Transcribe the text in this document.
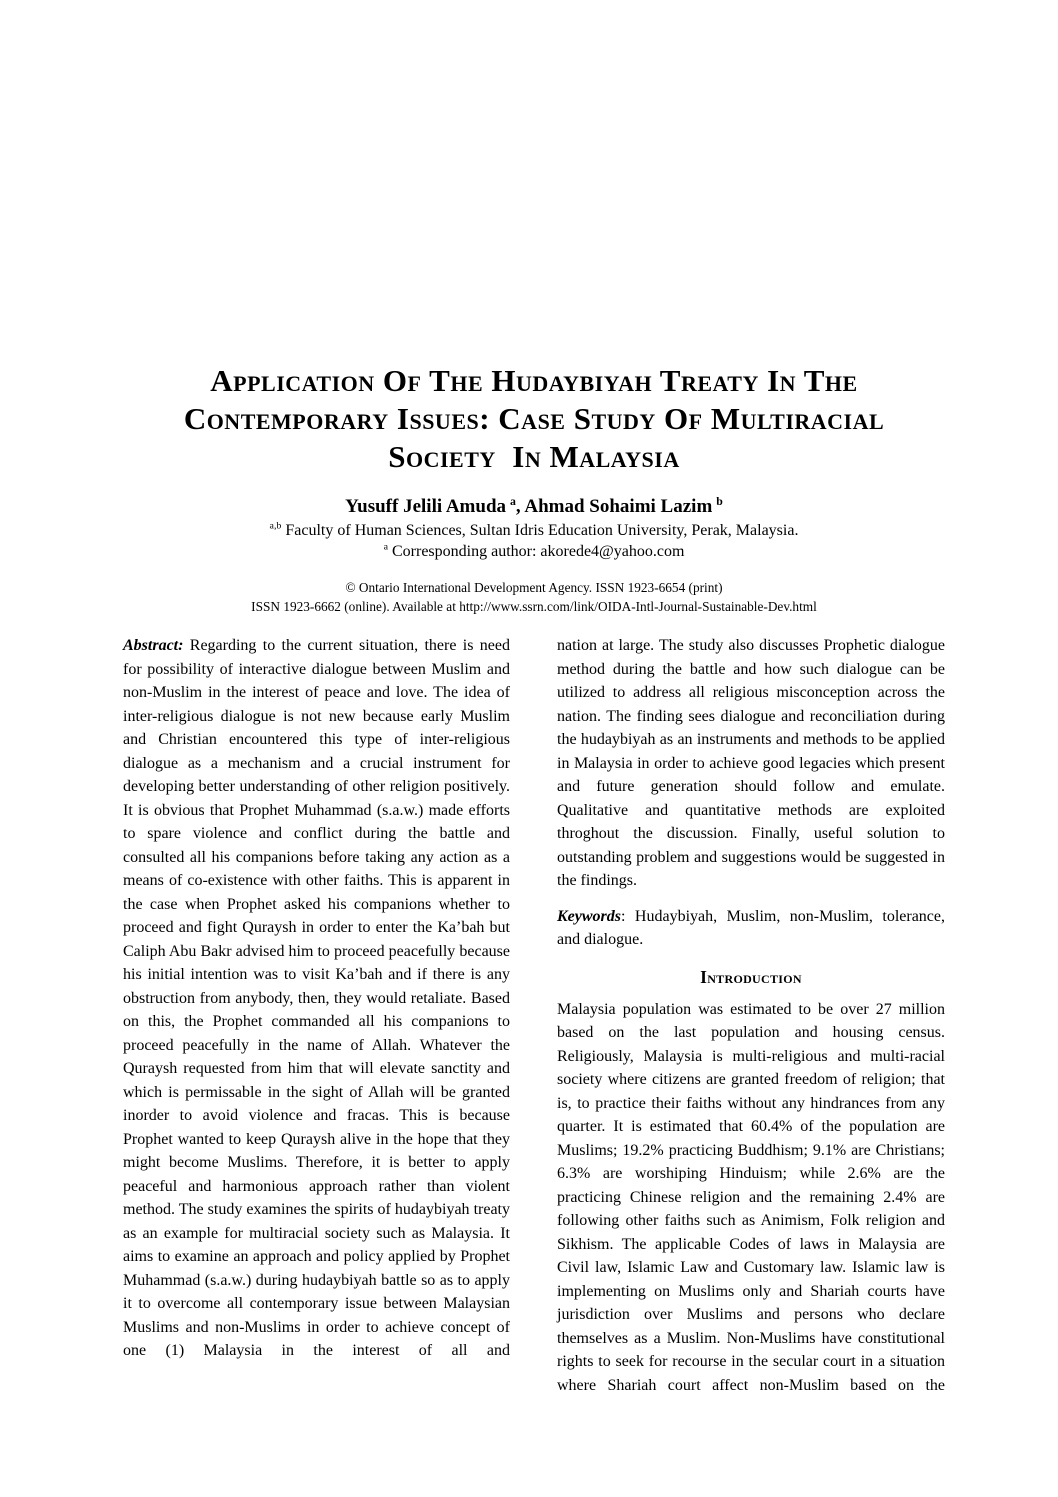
Application Of The Hudaybiyah Treaty In The
Contemporary Issues: Case Study Of Multiracial
Society  In Malaysia
Yusuff Jelili Amuda $^a$, Ahmad Sohaimi Lazim $^b$
$^{a,b}$ Faculty of Human Sciences, Sultan Idris Education University, Perak, Malaysia.
$^a$ Corresponding author: akorede4@yahoo.com
© Ontario International Development Agency. ISSN 1923-6654 (print)
ISSN 1923-6662 (online). Available at http://www.ssrn.com/link/OIDA-Intl-Journal-Sustainable-Dev.html

Abstract: Regarding to the current situation, there is need for possibility of interactive dialogue between Muslim and non-Muslim in the interest of peace and love. The idea of inter-religious dialogue is not new because early Muslim and Christian encountered this type of inter-religious dialogue as a mechanism and a crucial instrument for developing better understanding of other religion positively. It is obvious that Prophet Muhammad (s.a.w.) made efforts to spare violence and conflict during the battle and consulted all his companions before taking any action as a means of co-existence with other faiths. This is apparent in the case when Prophet asked his companions whether to proceed and fight Quraysh in order to enter the Ka’bah but Caliph Abu Bakr advised him to proceed peacefully because his initial intention was to visit Ka’bah and if there is any obstruction from anybody, then, they would retaliate. Based on this, the Prophet commanded all his companions to proceed peacefully in the name of Allah. Whatever the Quraysh requested from him that will elevate sanctity and which is permissable in the sight of Allah will be granted inorder to avoid violence and fracas. This is because Prophet wanted to keep Quraysh alive in the hope that they might become Muslims. Therefore, it is better to apply peaceful and harmonious approach rather than violent method. The study examines the spirits of hudaybiyah treaty as an example for multiracial society such as Malaysia. It aims to examine an approach and policy applied by Prophet Muhammad (s.a.w.) during hudaybiyah battle so as to apply it to overcome all contemporary issue between Malaysian Muslims and non-Muslims in order to achieve concept of one (1) Malaysia in the interest of all and

nation at large. The study also discusses Prophetic dialogue method during the battle and how such dialogue can be utilized to address all religious misconception across the nation. The finding sees dialogue and reconciliation during the hudaybiyah as an instruments and methods to be applied in Malaysia in order to achieve good legacies which present and future generation should follow and emulate. Qualitative and quantitative methods are exploited throghout the discussion. Finally, useful solution to outstanding problem and suggestions would be suggested in the findings.

Keywords: Hudaybiyah, Muslim, non-Muslim, tolerance, and dialogue.

Introduction

Malaysia population was estimated to be over 27 million based on the last population and housing census. Religiously, Malaysia is multi-religious and multi-racial society where citizens are granted freedom of religion; that is, to practice their faiths without any hindrances from any quarter. It is estimated that 60.4% of the population are Muslims; 19.2% practicing Buddhism; 9.1% are Christians; 6.3% are worshiping Hinduism; while 2.6% are the practicing Chinese religion and the remaining 2.4% are following other faiths such as Animism, Folk religion and Sikhism. The applicable Codes of laws in Malaysia are Civil law, Islamic Law and Customary law. Islamic law is implementing on Muslims only and Shariah courts have jurisdiction over Muslims and persons who declare themselves as a Muslim. Non-Muslims have constitutional rights to seek for recourse in the secular court in a situation where Shariah court affect non-Muslim based on the
